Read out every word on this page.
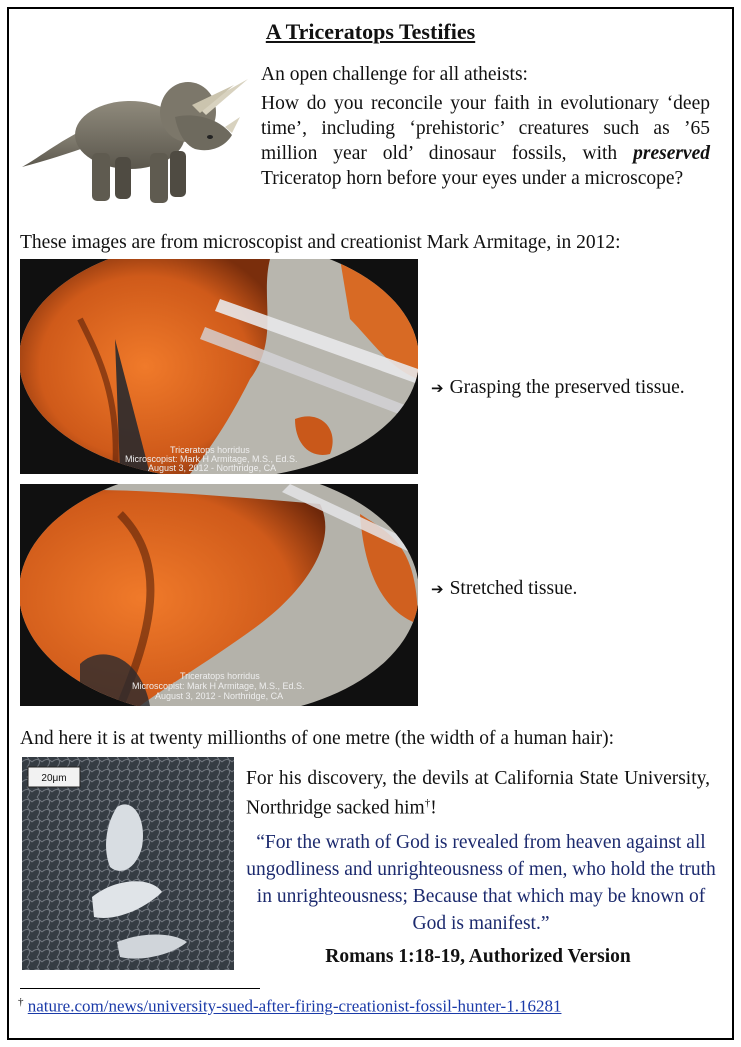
A Triceratops Testifies
An open challenge for all atheists:
How do you reconcile your faith in evolutionary ‘deep time’, including ‘prehistoric’ creatures such as ’65 million year old’ dinosaur fossils, with preserved Triceratop horn before your eyes under a microscope?
These images are from microscopist and creationist Mark Armitage, in 2012:
Triceratops horridus
Microscopist: Mark H Armitage, M.S., Ed.S.
August 3, 2012 - Northridge, CA
➔ Grasping the preserved tissue.
Triceratops horridus
Microscopist: Mark H Armitage, M.S., Ed.S.
August 3, 2012 - Northridge, CA
➔ Stretched tissue.
And here it is at twenty millionths of one metre (the width of a human hair):
20μm	For his discovery, the devils at California State University, Northridge sacked him†!
“For the wrath of God is revealed from heaven against all ungodliness and unrighteousness of men, who hold the truth in unrighteousness; Because that which may be known of God is manifest.”
Romans 1:18-19, Authorized Version
† nature.com/news/university-sued-after-firing-creationist-fossil-hunter-1.16281
